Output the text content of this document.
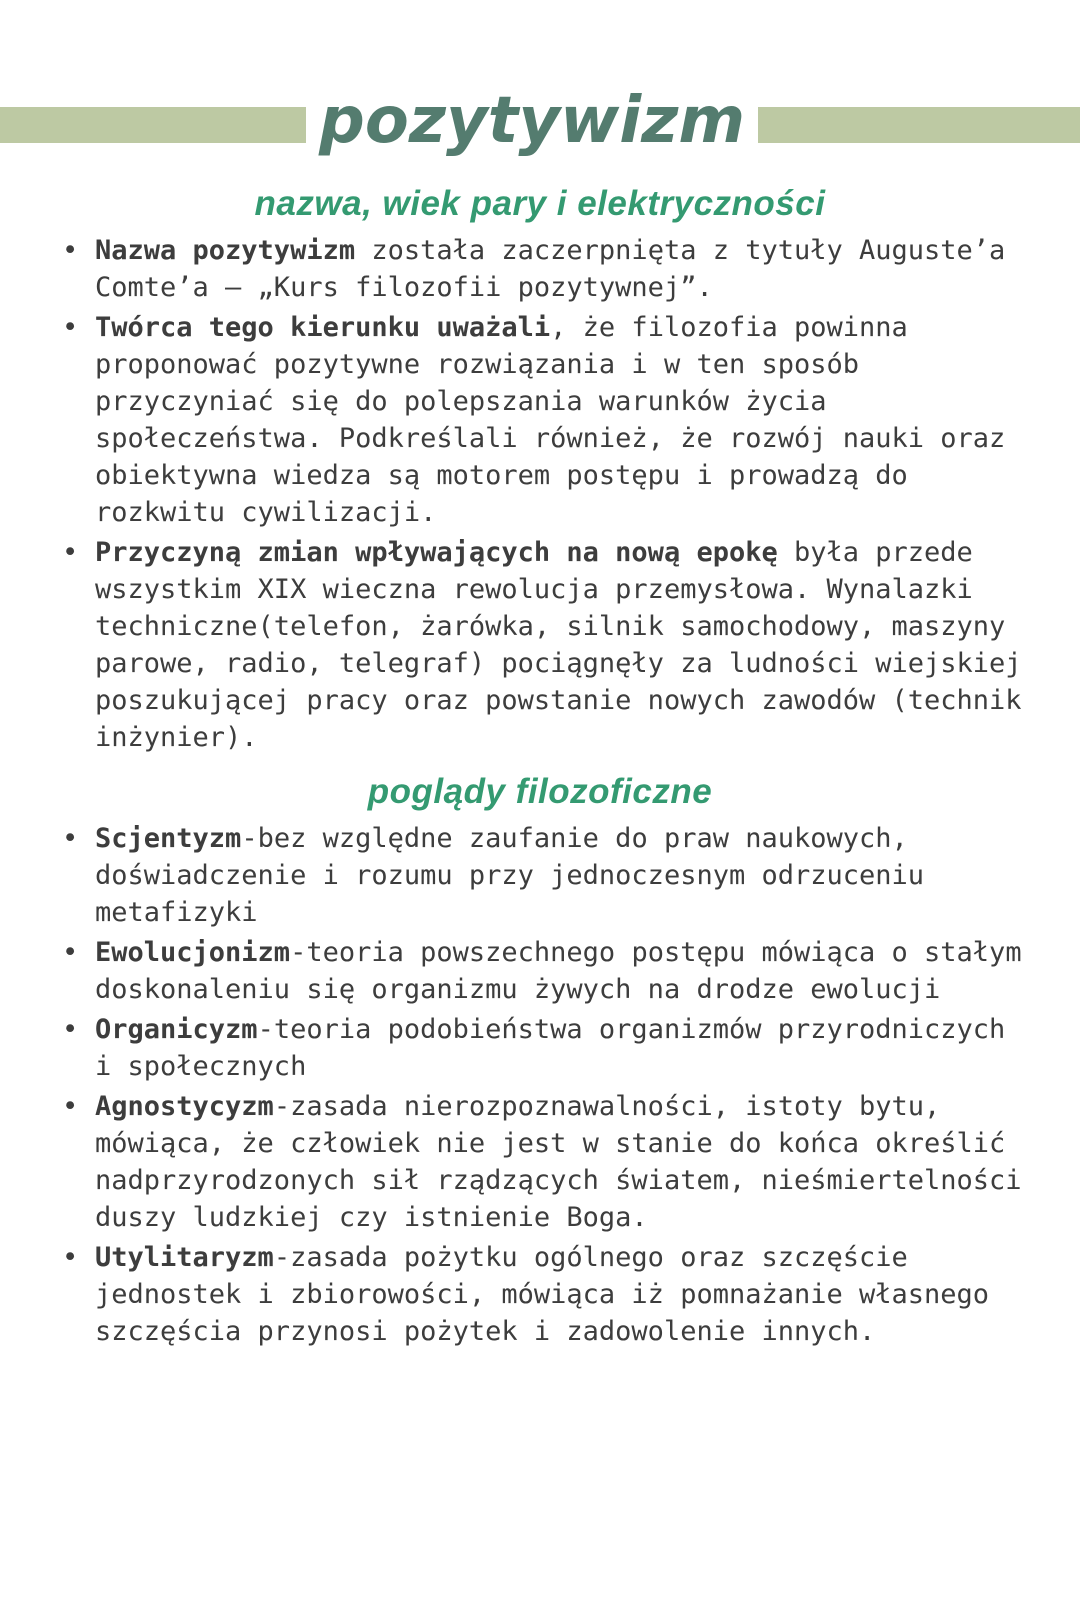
pozytywizm
nazwa, wiek pary i elektryczności
• Nazwa pozytywizm została zaczerpnięta z tytuły Auguste’a Comte’a – „Kurs filozofii pozytywnej”.
• Twórca tego kierunku uważali, że filozofia powinna proponować pozytywne rozwiązania i w ten sposób przyczyniać się do polepszania warunków życia społeczeństwa. Podkreślali również, że rozwój nauki oraz obiektywna wiedza są motorem postępu i prowadzą do rozkwitu cywilizacji.
• Przyczyną zmian wpływających na nową epokę była przede wszystkim XIX wieczna rewolucja przemysłowa. Wynalazki techniczne(telefon, żarówka, silnik samochodowy, maszyny parowe, radio, telegraf) pociągnęły za ludności wiejskiej poszukującej pracy oraz powstanie nowych zawodów (technik inżynier).
poglądy filozoficzne
• Scjentyzm-bez względne zaufanie do praw naukowych, doświadczenie i rozumu przy jednoczesnym odrzuceniu metafizyki
• Ewolucjonizm-teoria powszechnego postępu mówiąca o stałym doskonaleniu się organizmu żywych na drodze ewolucji
• Organicyzm-teoria podobieństwa organizmów przyrodniczych i społecznych
• Agnostycyzm-zasada nierozpoznawalności, istoty bytu, mówiąca, że człowiek nie jest w stanie do końca określić nadprzyrodzonych sił rządzących światem, nieśmiertelności duszy ludzkiej czy istnienie Boga.
• Utylitaryzm-zasada pożytku ogólnego oraz szczęście jednostek i zbiorowości, mówiąca iż pomnażanie własnego szczęścia przynosi pożytek i zadowolenie innych.
